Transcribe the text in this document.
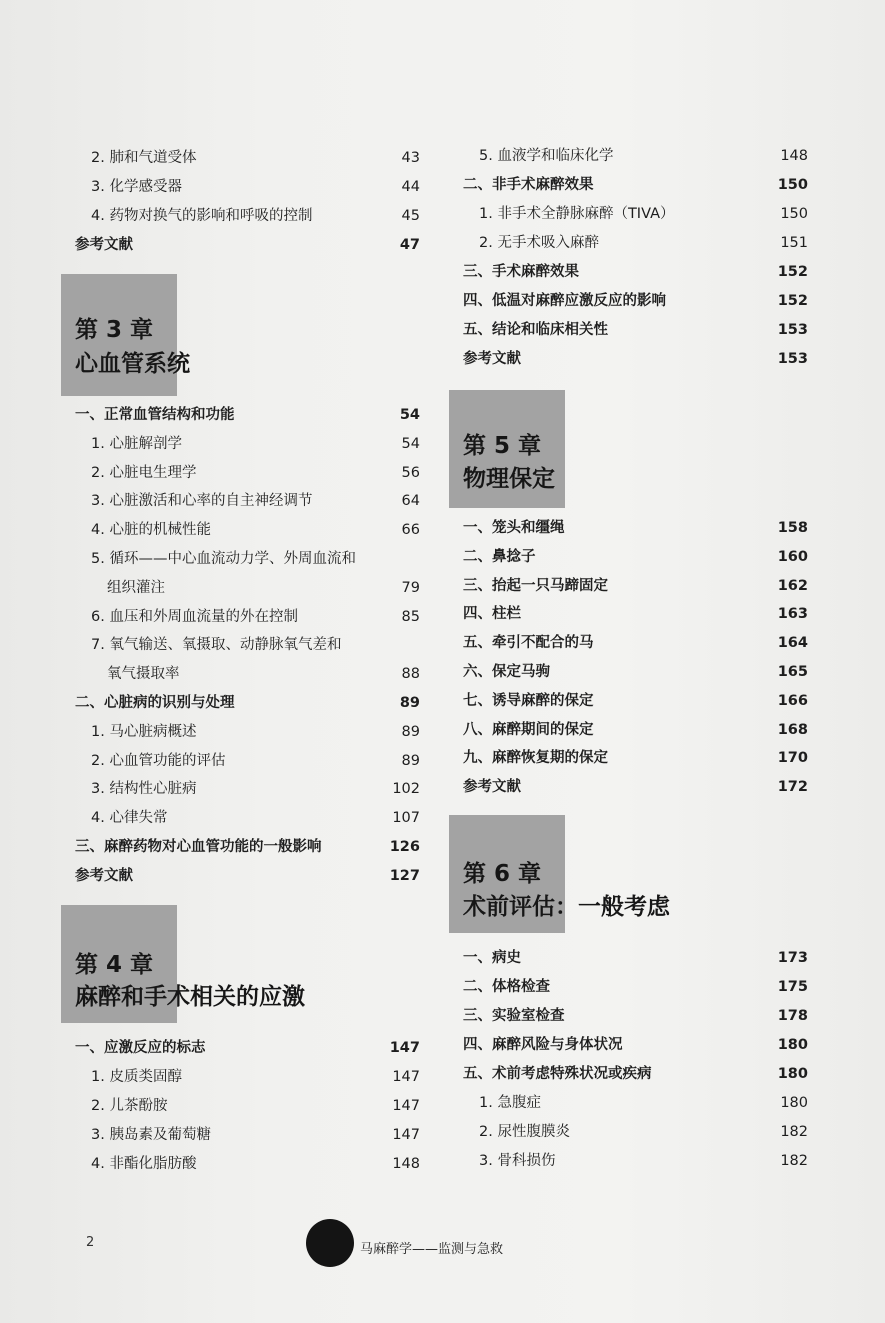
2. 肺和气道受体	43
3. 化学感受器	44
4. 药物对换气的影响和呼吸的控制	45
参考文献	47
第 3 章
心血管系统
一、正常血管结构和功能	54
1. 心脏解剖学	54
2. 心脏电生理学	56
3. 心脏激活和心率的自主神经调节	64
4. 心脏的机械性能	66
5. 循环——中心血流动力学、外周血流和
组织灌注	79
6. 血压和外周血流量的外在控制	85
7. 氧气输送、氧摄取、动静脉氧气差和
氧气摄取率	88
二、心脏病的识别与处理	89
1. 马心脏病概述	89
2. 心血管功能的评估	89
3. 结构性心脏病	102
4. 心律失常	107
三、麻醉药物对心血管功能的一般影响	126
参考文献	127
第 4 章
麻醉和手术相关的应激
一、应激反应的标志	147
1. 皮质类固醇	147
2. 儿茶酚胺	147
3. 胰岛素及葡萄糖	147
4. 非酯化脂肪酸	148
5. 血液学和临床化学	148
二、非手术麻醉效果	150
1. 非手术全静脉麻醉（TIVA）	150
2. 无手术吸入麻醉	151
三、手术麻醉效果	152
四、低温对麻醉应激反应的影响	152
五、结论和临床相关性	153
参考文献	153
第 5 章
物理保定
一、笼头和缰绳	158
二、鼻捻子	160
三、抬起一只马蹄固定	162
四、柱栏	163
五、牵引不配合的马	164
六、保定马驹	165
七、诱导麻醉的保定	166
八、麻醉期间的保定	168
九、麻醉恢复期的保定	170
参考文献	172
第 6 章
术前评估：一般考虑
一、病史	173
二、体格检查	175
三、实验室检查	178
四、麻醉风险与身体状况	180
五、术前考虑特殊状况或疾病	180
1. 急腹症	180
2. 尿性腹膜炎	182
3. 骨科损伤	182
2	马麻醉学——监测与急救
